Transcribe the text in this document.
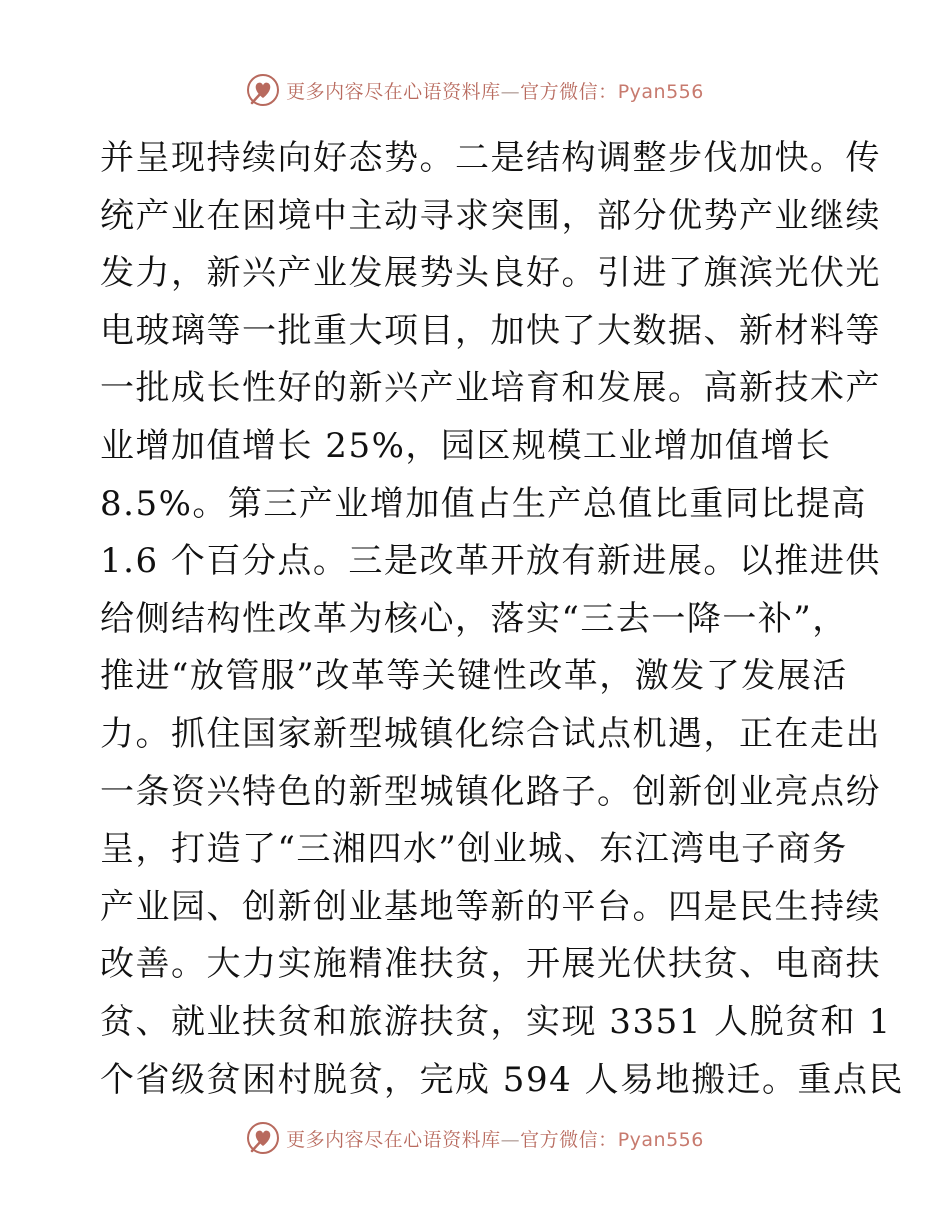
更多内容尽在心语资料库—官方微信：Pyan556
并呈现持续向好态势。二是结构调整步伐加快。传
统产业在困境中主动寻求突围，部分优势产业继续
发力，新兴产业发展势头良好。引进了旗滨光伏光
电玻璃等一批重大项目，加快了大数据、新材料等
一批成长性好的新兴产业培育和发展。高新技术产
业增加值增长 25%，园区规模工业增加值增长
8.5%。第三产业增加值占生产总值比重同比提高
1.6 个百分点。三是改革开放有新进展。以推进供
给侧结构性改革为核心，落实“三去一降一补”，
推进“放管服”改革等关键性改革，激发了发展活
力。抓住国家新型城镇化综合试点机遇，正在走出
一条资兴特色的新型城镇化路子。创新创业亮点纷
呈，打造了“三湘四水”创业城、东江湾电子商务
产业园、创新创业基地等新的平台。四是民生持续
改善。大力实施精准扶贫，开展光伏扶贫、电商扶
贫、就业扶贫和旅游扶贫，实现 3351 人脱贫和 1
个省级贫困村脱贫，完成 594 人易地搬迁。重点民
更多内容尽在心语资料库—官方微信：Pyan556
